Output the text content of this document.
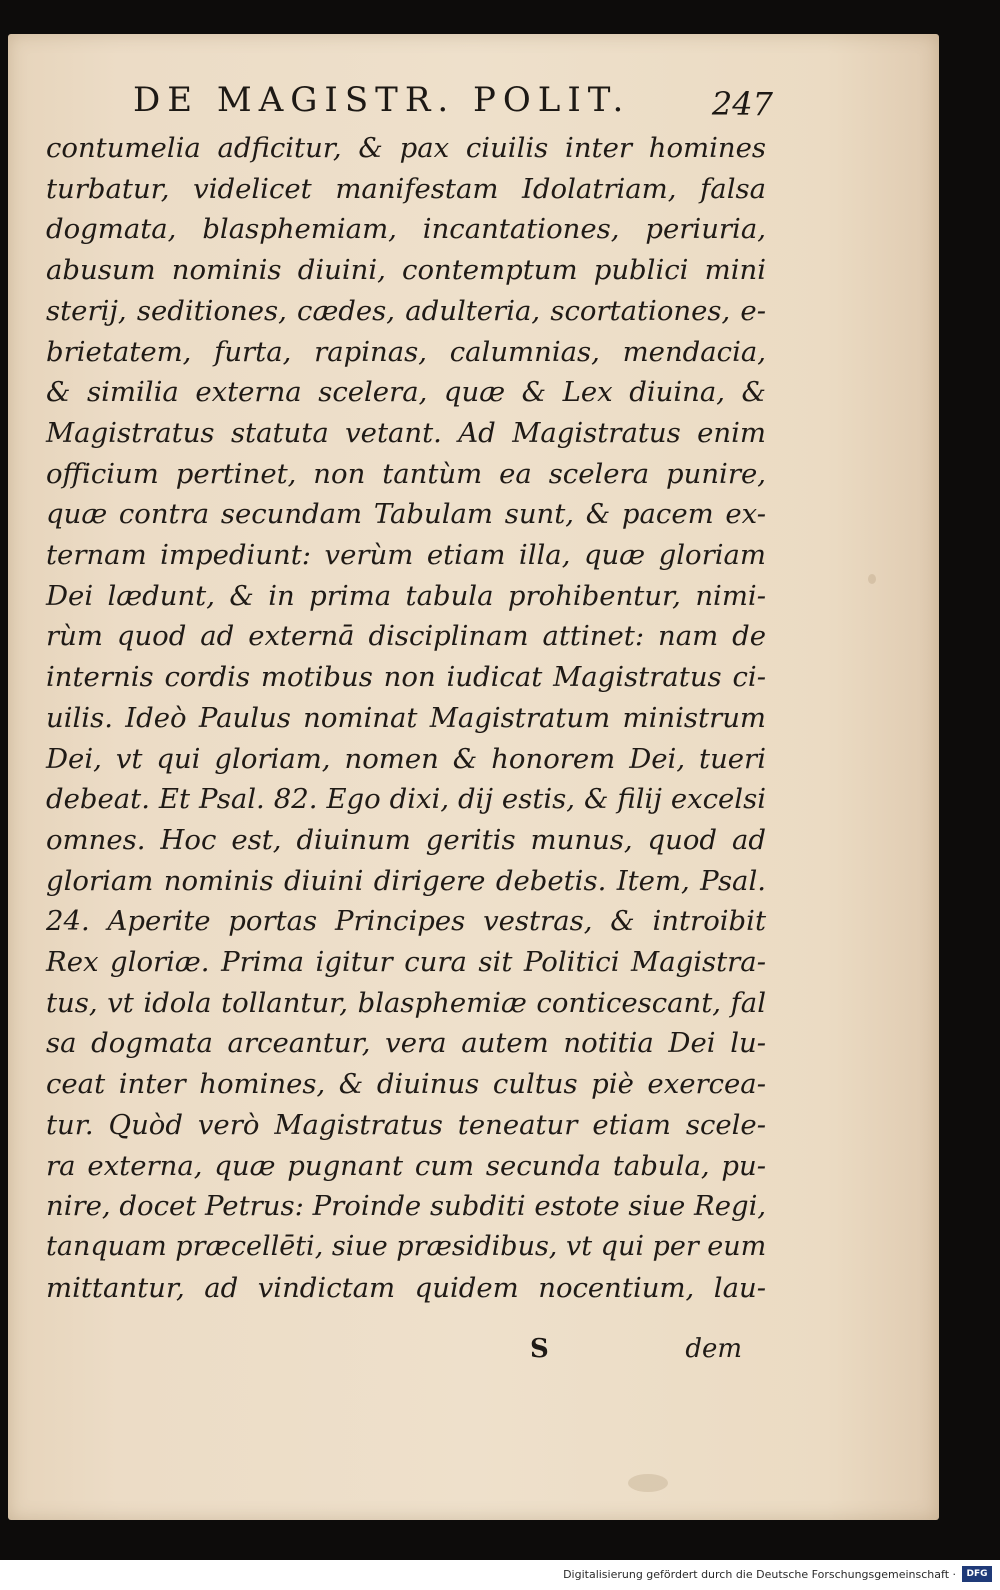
DE MAGISTR. POLIT.	247
contumelia adficitur, & pax ciuilis inter homines
turbatur, videlicet manifestam Idolatriam, falsa
dogmata, blasphemiam, incantationes, periuria,
abusum nominis diuini, contemptum publici mini
sterij, seditiones, cædes, adulteria, scortationes, e-
brietatem, furta, rapinas, calumnias, mendacia,
& similia externa scelera, quæ & Lex diuina, &
Magistratus statuta vetant. Ad Magistratus enim
officium pertinet, non tantùm ea scelera punire,
quæ contra secundam Tabulam sunt, & pacem ex-
ternam impediunt: verùm etiam illa, quæ gloriam
Dei lædunt, & in prima tabula prohibentur, nimi-
rùm quod ad externā disciplinam attinet: nam de
internis cordis motibus non iudicat Magistratus ci-
uilis. Ideò Paulus nominat Magistratum ministrum
Dei, vt qui gloriam, nomen & honorem Dei, tueri
debeat. Et Psal. 82. Ego dixi, dij estis, & filij excelsi
omnes. Hoc est, diuinum geritis munus, quod ad
gloriam nominis diuini dirigere debetis. Item, Psal.
24. Aperite portas Principes vestras, & introibit
Rex gloriæ. Prima igitur cura sit Politici Magistra-
tus, vt idola tollantur, blasphemiæ conticescant, fal
sa dogmata arceantur, vera autem notitia Dei lu-
ceat inter homines, & diuinus cultus piè exercea-
tur. Quòd verò Magistratus teneatur etiam scele-
ra externa, quæ pugnant cum secunda tabula, pu-
nire, docet Petrus: Proinde subditi estote siue Regi,
tanquam præcellēti, siue præsidibus, vt qui per eum
mittantur, ad vindictam quidem nocentium, lau-
S	dem
Digitalisierung gefördert durch die Deutsche Forschungsgemeinschaft ·	DFG
